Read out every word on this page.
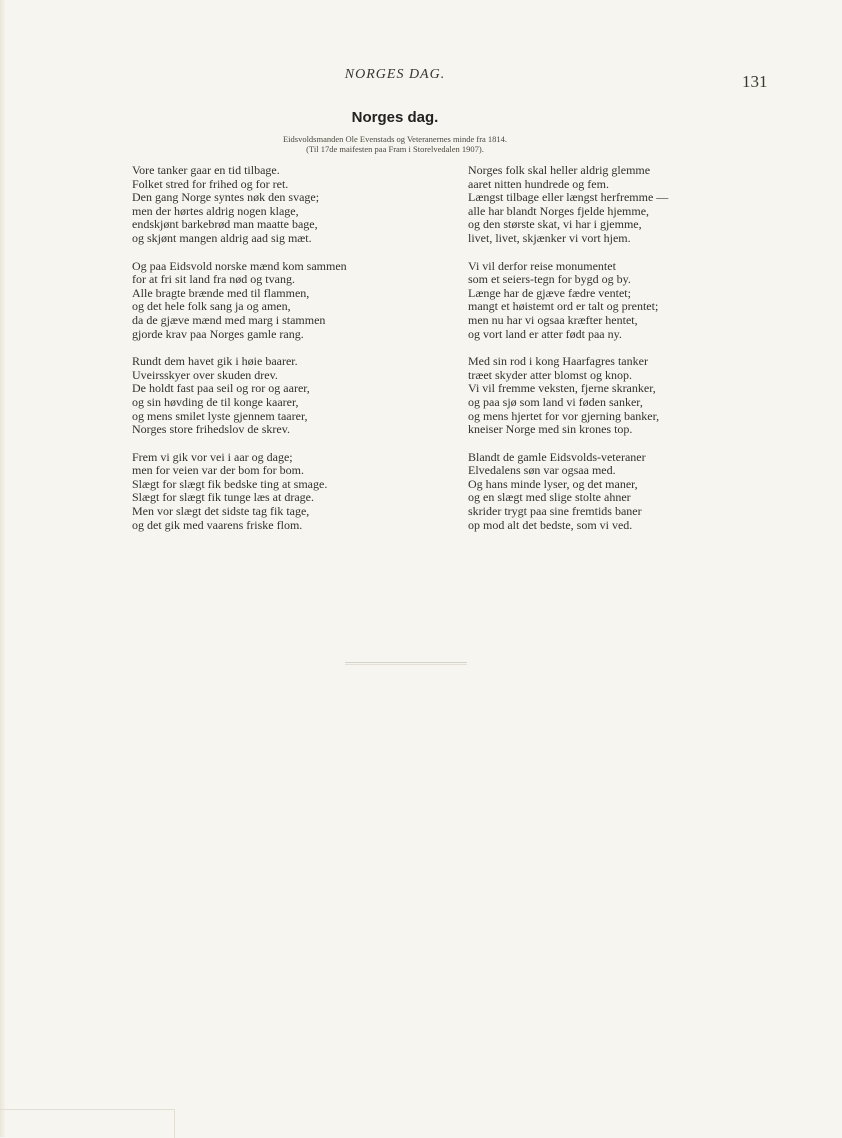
NORGES DAG.	131
Norges dag.
Eidsvoldsmanden Ole Evenstads og Veteranernes minde fra 1814.
(Til 17de maifesten paa Fram i Storelvedalen 1907).
Vore tanker gaar en tid tilbage.
Folket stred for frihed og for ret.
Den gang Norge syntes nøk den svage;
men der hørtes aldrig nogen klage,
endskjønt barkebrød man maatte bage,
og skjønt mangen aldrig aad sig mæt.
Og paa Eidsvold norske mænd kom sammen
for at fri sit land fra nød og tvang.
Alle bragte brænde med til flammen,
og det hele folk sang ja og amen,
da de gjæve mænd med marg i stammen
gjorde krav paa Norges gamle rang.
Rundt dem havet gik i høie baarer.
Uveirsskyer over skuden drev.
De holdt fast paa seil og ror og aarer,
og sin høvding de til konge kaarer,
og mens smilet lyste gjennem taarer,
Norges store frihedslov de skrev.
Frem vi gik vor vei i aar og dage;
men for veien var der bom for bom.
Slægt for slægt fik bedske ting at smage.
Slægt for slægt fik tunge læs at drage.
Men vor slægt det sidste tag fik tage,
og det gik med vaarens friske flom.
Norges folk skal heller aldrig glemme
aaret nitten hundrede og fem.
Længst tilbage eller længst herfremme —
alle har blandt Norges fjelde hjemme,
og den største skat, vi har i gjemme,
livet, livet, skjænker vi vort hjem.
Vi vil derfor reise monumentet
som et seiers-tegn for bygd og by.
Længe har de gjæve fædre ventet;
mangt et høistemt ord er talt og prentet;
men nu har vi ogsaa kræfter hentet,
og vort land er atter født paa ny.
Med sin rod i kong Haarfagres tanker
træet skyder atter blomst og knop.
Vi vil fremme veksten, fjerne skranker,
og paa sjø som land vi føden sanker,
og mens hjertet for vor gjerning banker,
kneiser Norge med sin krones top.
Blandt de gamle Eidsvolds-veteraner
Elvedalens søn var ogsaa med.
Og hans minde lyser, og det maner,
og en slægt med slige stolte ahner
skrider trygt paa sine fremtids baner
op mod alt det bedste, som vi ved.
